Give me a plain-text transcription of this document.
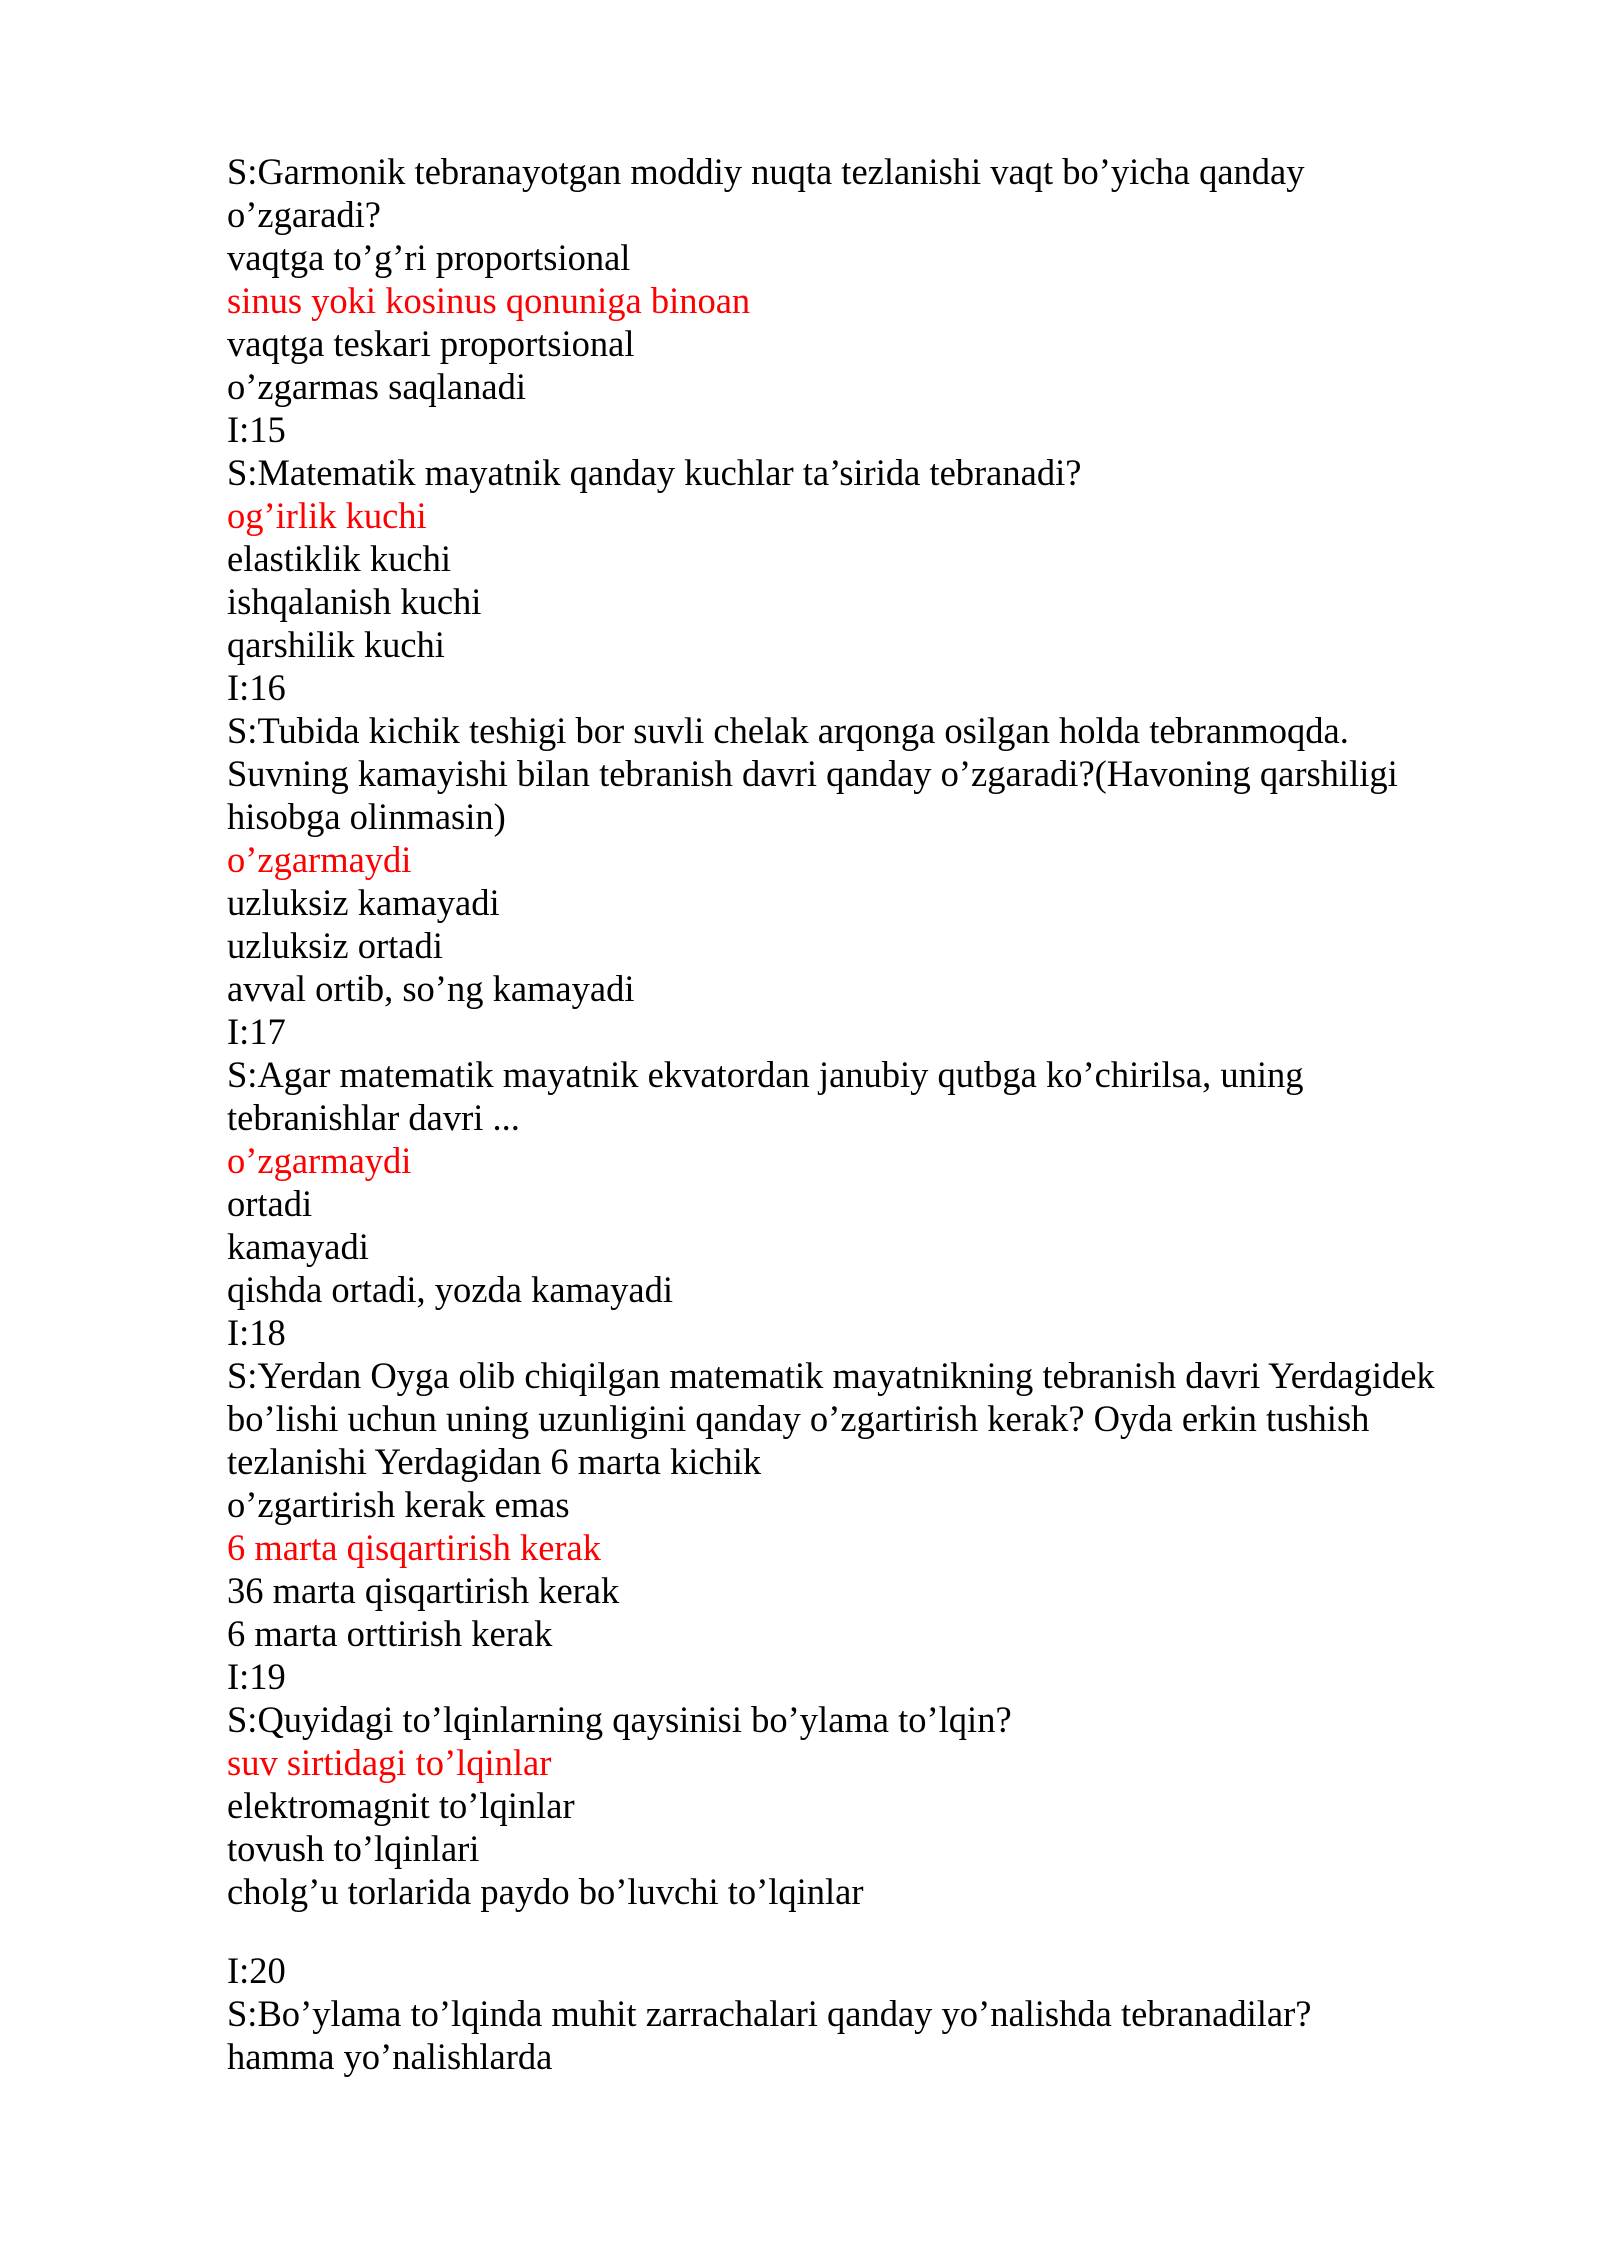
S:Garmonik tebranayotgan moddiy nuqta tezlanishi vaqt bo’yicha qanday
o’zgaradi?
vaqtga to’g’ri proportsional
sinus yoki kosinus qonuniga binoan
vaqtga teskari proportsional
o’zgarmas saqlanadi
I:15
S:Matematik mayatnik qanday kuchlar ta’sirida tebranadi?
og’irlik kuchi
elastiklik kuchi
ishqalanish kuchi
qarshilik kuchi
I:16
S:Tubida kichik teshigi bor suvli chelak arqonga osilgan holda tebranmoqda.
Suvning kamayishi bilan tebranish davri qanday o’zgaradi?(Havoning qarshiligi
hisobga olinmasin)
o’zgarmaydi
uzluksiz kamayadi
uzluksiz ortadi
avval ortib, so’ng kamayadi
I:17
S:Agar matematik mayatnik ekvatordan janubiy qutbga ko’chirilsa, uning
tebranishlar davri ...
o’zgarmaydi
ortadi
kamayadi
qishda ortadi, yozda kamayadi
I:18
S:Yerdan Oyga olib chiqilgan matematik mayatnikning tebranish davri Yerdagidek
bo’lishi uchun uning uzunligini qanday o’zgartirish kerak? Oyda erkin tushish
tezlanishi Yerdagidan 6 marta kichik
o’zgartirish kerak emas
6 marta qisqartirish kerak
36 marta qisqartirish kerak
6 marta orttirish kerak
I:19
S:Quyidagi to’lqinlarning qaysinisi bo’ylama to’lqin?
suv sirtidagi to’lqinlar
elektromagnit to’lqinlar
tovush to’lqinlari
cholg’u torlarida paydo bo’luvchi to’lqinlar
I:20
S:Bo’ylama to’lqinda muhit zarrachalari qanday yo’nalishda tebranadilar?
hamma yo’nalishlarda
